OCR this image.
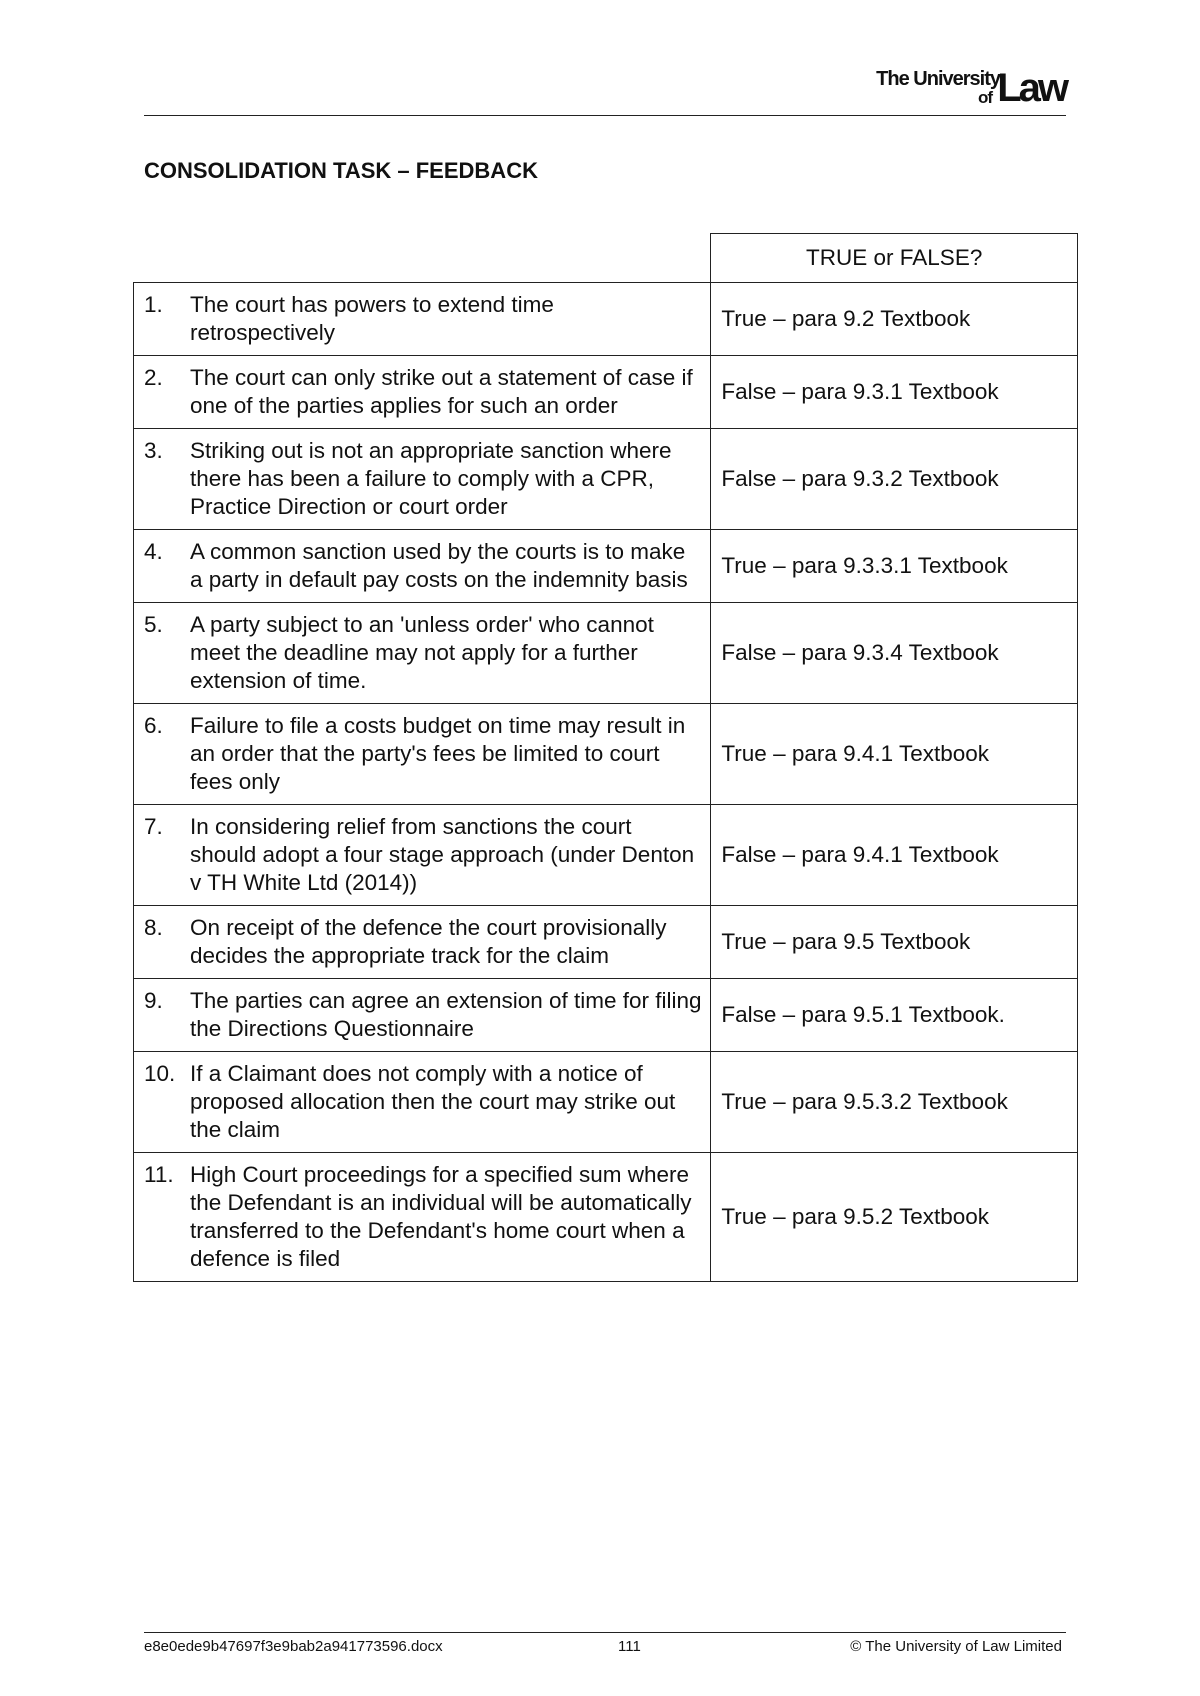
The University
of Law
CONSOLIDATION TASK – FEEDBACK
	TRUE or FALSE?

1. The court has powers to extend time retrospectively	True – para 9.2 Textbook

2. The court can only strike out a statement of case if one of the parties applies for such an order	False – para 9.3.1 Textbook

3. Striking out is not an appropriate sanction where there has been a failure to comply with a CPR, Practice Direction or court order	False – para 9.3.2 Textbook

4. A common sanction used by the courts is to make a party in default pay costs on the indemnity basis	True – para 9.3.3.1 Textbook

5. A party subject to an 'unless order' who cannot meet the deadline may not apply for a further extension of time.	False – para 9.3.4 Textbook

6. Failure to file a costs budget on time may result in an order that the party's fees be limited to court fees only	True – para 9.4.1 Textbook

7. In considering relief from sanctions the court should adopt a four stage approach (under Denton v TH White Ltd (2014))	False – para 9.4.1 Textbook

8. On receipt of the defence the court provisionally decides the appropriate track for the claim	True – para 9.5 Textbook

9. The parties can agree an extension of time for filing the Directions Questionnaire	False – para 9.5.1 Textbook.

10. If a Claimant does not comply with a notice of proposed allocation then the court may strike out the claim	True – para 9.5.3.2 Textbook

11. High Court proceedings for a specified sum where the Defendant is an individual will be automatically transferred to the Defendant's home court when a defence is filed	True – para 9.5.2 Textbook
e8e0ede9b47697f3e9bab2a941773596.docx	111	© The University of Law Limited
